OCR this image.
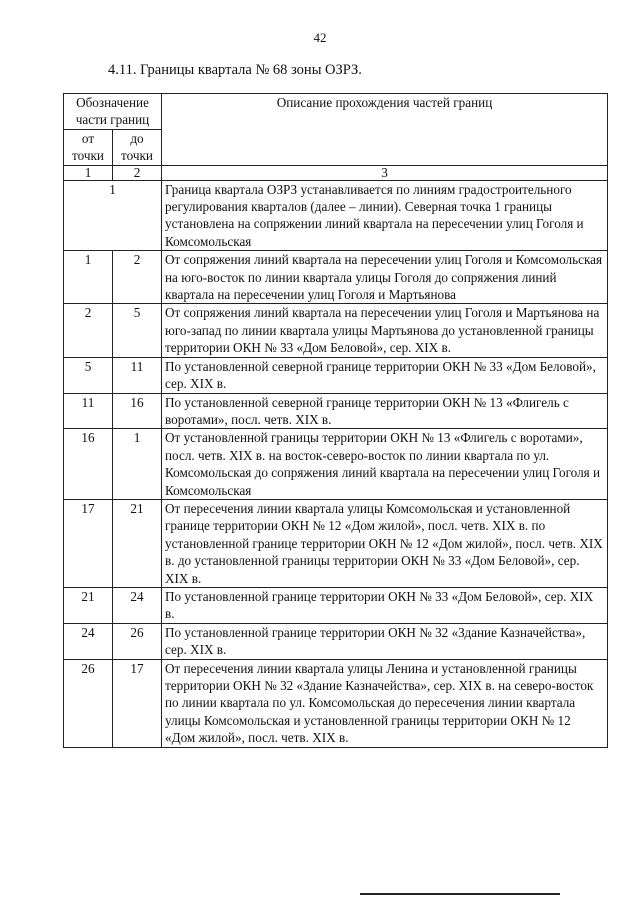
42
4.11. Границы квартала № 68 зоны ОЗРЗ.
Обозначение части границ		Описание прохождения частей границ
от точки	до точки	
1	2	3
1		Граница квартала ОЗРЗ устанавливается по линиям градостроительного регулирования кварталов (далее – линии). Северная точка 1 границы установлена на сопряжении линий квартала на пересечении улиц Гоголя и Комсомольская
1	2	От сопряжения линий квартала на пересечении улиц Гоголя и Комсомольская на юго-восток по линии квартала улицы Гоголя до сопряжения линий квартала на пересечении улиц Гоголя и Мартьянова
2	5	От сопряжения линий квартала на пересечении улиц Гоголя и Мартьянова на юго-запад по линии квартала улицы Мартьянова до установленной границы территории ОКН № 33 «Дом Беловой», сер. XIX в.
5	11	По установленной северной границе территории ОКН № 33 «Дом Беловой», сер. XIX в.
11	16	По установленной северной границе территории ОКН № 13 «Флигель с воротами», посл. четв. XIX в.
16	1	От установленной границы территории ОКН № 13 «Флигель с воротами», посл. четв. XIX в. на восток-северо-восток по линии квартала по ул. Комсомольская до сопряжения линий квартала на пересечении улиц Гоголя и Комсомольская
17	21	От пересечения линии квартала улицы Комсомольская и установленной границе территории ОКН № 12 «Дом жилой», посл. четв. XIX в. по установленной границе территории ОКН № 12 «Дом жилой», посл. четв. XIX в. до установленной границы территории ОКН № 33 «Дом Беловой», сер. XIX в.
21	24	По установленной границе территории ОКН № 33 «Дом Беловой», сер. XIX в.
24	26	По установленной границе территории ОКН № 32 «Здание Казначейства», сер. XIX в.
26	17	От пересечения линии квартала улицы Ленина и установленной границы территории ОКН № 32 «Здание Казначейства», сер. XIX в. на северо-восток по линии квартала по ул. Комсомольская до пересечения линии квартала улицы Комсомольская и установленной границы территории ОКН № 12 «Дом жилой», посл. четв. XIX в.
